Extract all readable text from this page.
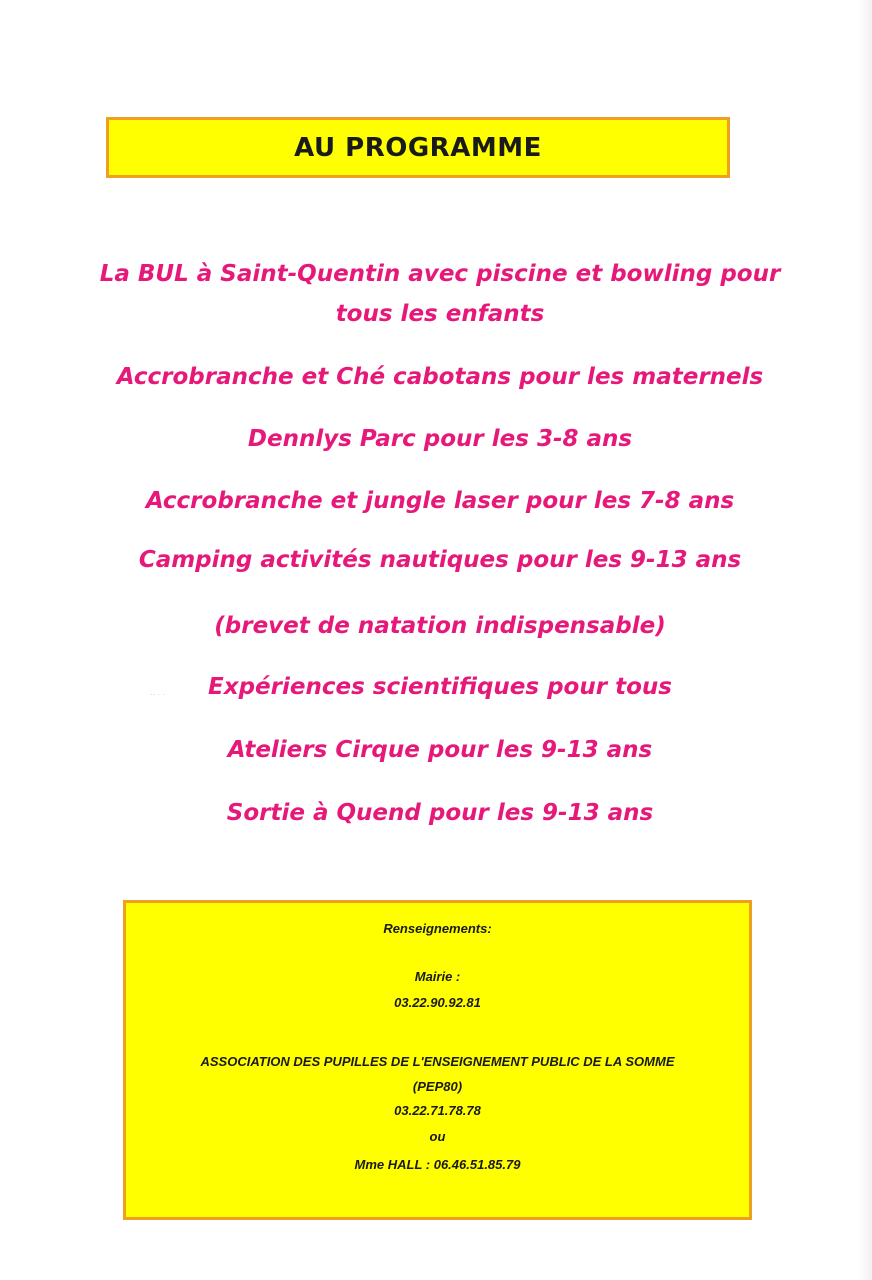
AU PROGRAMME
La BUL à Saint-Quentin avec piscine et bowling pour tous les enfants
Accrobranche et Ché cabotans pour les maternels
Dennlys Parc pour les 3-8 ans
Accrobranche et jungle laser pour les 7-8 ans
Camping activités nautiques pour les 9-13 ans
(brevet de natation indispensable)
Expériences scientifiques pour tous
Ateliers Cirque pour les 9-13 ans
Sortie à Quend pour les 9-13 ans
·· · ·
Renseignements:
Mairie :
03.22.90.92.81
ASSOCIATION DES PUPILLES DE L'ENSEIGNEMENT PUBLIC DE LA SOMME
(PEP80)
03.22.71.78.78
ou
Mme HALL : 06.46.51.85.79
